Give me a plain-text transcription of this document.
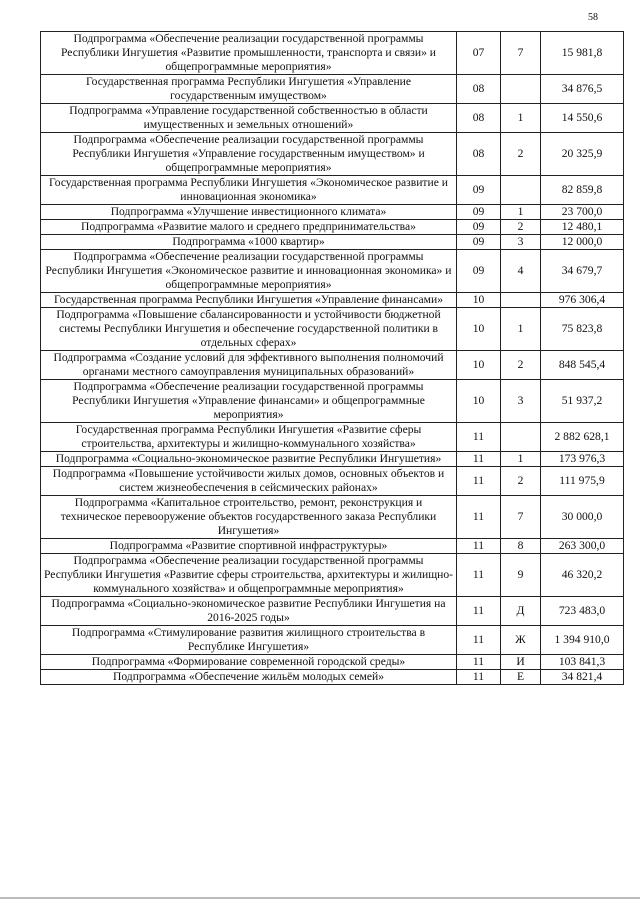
58
Подпрограмма «Обеспечение реализации государственной программы Республики Ингушетия «Развитие промышленности, транспорта и связи» и общепрограммные мероприятия»	07	7	15 981,8
Государственная программа Республики Ингушетия «Управление государственным имуществом»	08		34 876,5
Подпрограмма «Управление государственной собственностью в области имущественных и земельных отношений»	08	1	14 550,6
Подпрограмма «Обеспечение реализации государственной программы Республики Ингушетия «Управление государственным имуществом» и общепрограммные мероприятия»	08	2	20 325,9
Государственная программа Республики Ингушетия «Экономическое развитие и инновационная экономика»	09		82 859,8
Подпрограмма «Улучшение инвестиционного климата»	09	1	23 700,0
Подпрограмма «Развитие малого и среднего предпринимательства»	09	2	12 480,1
Подпрограмма «1000 квартир»	09	3	12 000,0
Подпрограмма «Обеспечение реализации государственной программы Республики Ингушетия «Экономическое развитие и инновационная экономика» и общепрограммные мероприятия»	09	4	34 679,7
Государственная программа Республики Ингушетия «Управление финансами»	10		976 306,4
Подпрограмма «Повышение сбалансированности и устойчивости бюджетной системы Республики Ингушетия и обеспечение государственной политики в отдельных сферах»	10	1	75 823,8
Подпрограмма «Создание условий для эффективного выполнения полномочий органами местного самоуправления муниципальных образований»	10	2	848 545,4
Подпрограмма «Обеспечение реализации государственной программы Республики Ингушетия «Управление финансами» и общепрограммные мероприятия»	10	3	51 937,2
Государственная программа Республики Ингушетия «Развитие сферы строительства, архитектуры и жилищно-коммунального хозяйства»	11		2 882 628,1
Подпрограмма «Социально-экономическое развитие Республики Ингушетия»	11	1	173 976,3
Подпрограмма «Повышение устойчивости жилых домов, основных объектов и систем жизнеобеспечения в сейсмических районах»	11	2	111 975,9
Подпрограмма «Капитальное строительство, ремонт, реконструкция и техническое перевооружение объектов государственного заказа Республики Ингушетия»	11	7	30 000,0
Подпрограмма «Развитие спортивной инфраструктуры»	11	8	263 300,0
Подпрограмма «Обеспечение реализации государственной программы Республики Ингушетия «Развитие сферы строительства, архитектуры и жилищно-коммунального хозяйства» и общепрограммные мероприятия»	11	9	46 320,2
Подпрограмма «Социально-экономическое развитие Республики Ингушетия на 2016-2025 годы»	11	Д	723 483,0
Подпрограмма «Стимулирование развития жилищного строительства в Республике Ингушетия»	11	Ж	1 394 910,0
Подпрограмма «Формирование современной городской среды»	11	И	103 841,3
Подпрограмма «Обеспечение жильём молодых семей»	11	Е	34 821,4
